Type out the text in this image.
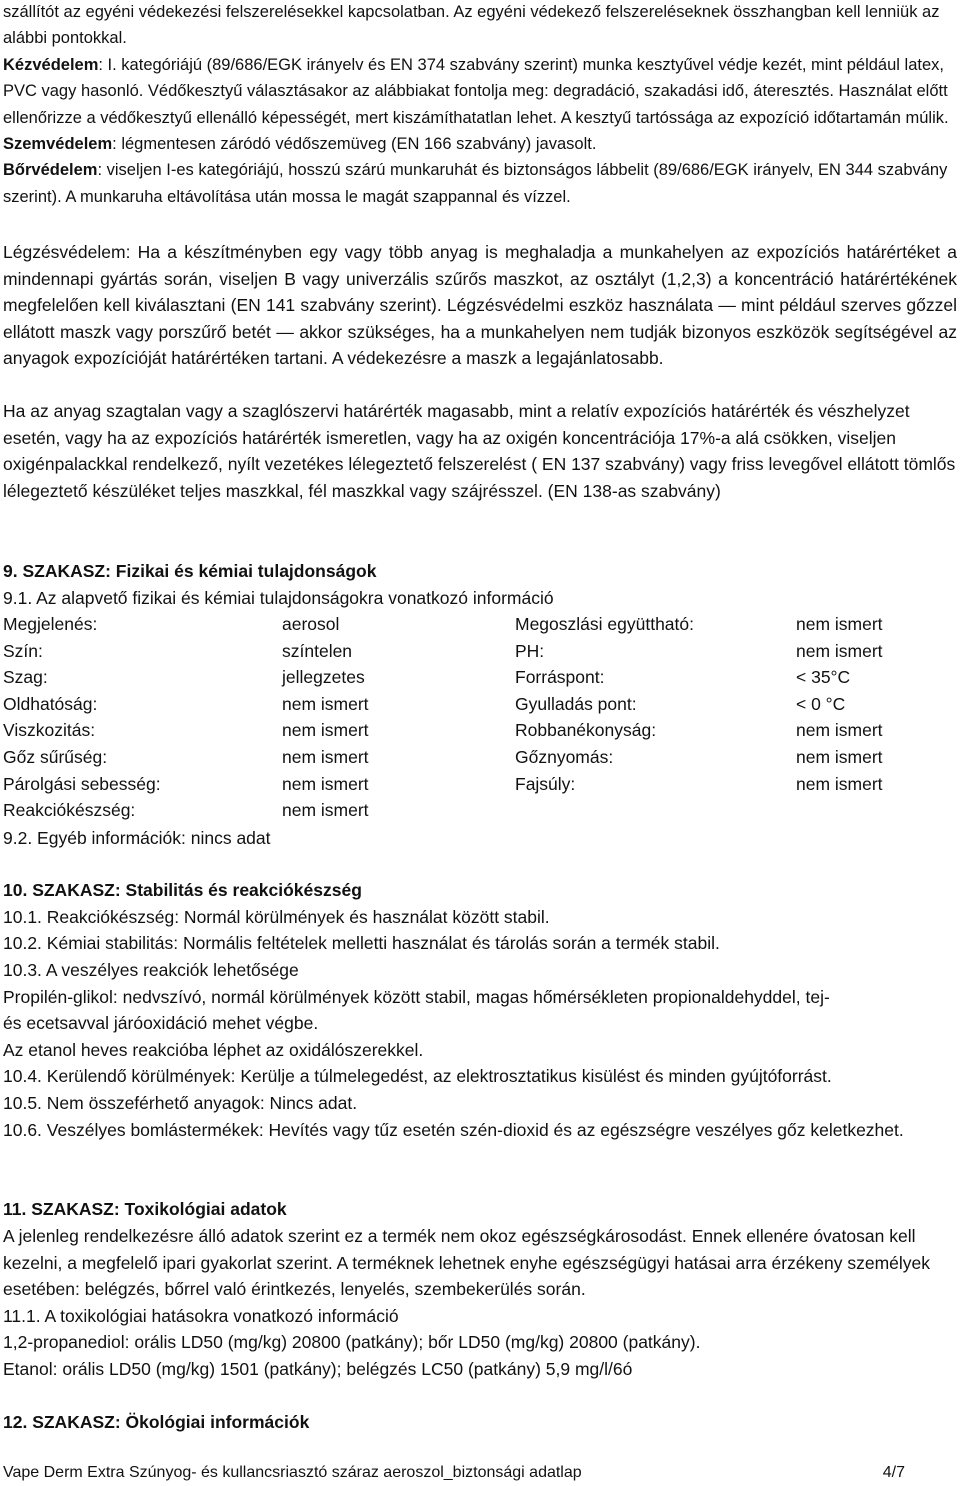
szállítót az egyéni védekezési felszerelésekkel kapcsolatban. Az egyéni védekező felszereléseknek összhangban kell lenniük az alábbi pontokkal.
Kézvédelem: I. kategóriájú (89/686/EGK irányelv és EN 374 szabvány szerint) munka kesztyűvel védje kezét, mint például latex, PVC vagy hasonló. Védőkesztyű választásakor az alábbiakat fontolja meg: degradáció, szakadási idő, áteresztés. Használat előtt ellenőrizze a védőkesztyű ellenálló képességét, mert kiszámíthatatlan lehet. A kesztyű tartóssága az expozíció időtartamán múlik.
Szemvédelem: légmentesen záródó védőszemüveg (EN 166 szabvány) javasolt.
Bőrvédelem: viseljen I-es kategóriájú, hosszú szárú munkaruhát és biztonságos lábbelit (89/686/EGK irányelv, EN 344 szabvány szerint). A munkaruha eltávolítása után mossa le magát szappannal és vízzel.
Légzésvédelem: Ha a készítményben egy vagy több anyag is meghaladja a munkahelyen az expozíciós határértéket a mindennapi gyártás során, viseljen B vagy univerzális szűrős maszkot, az osztályt (1,2,3) a koncentráció határértékének megfelelően kell kiválasztani (EN 141 szabvány szerint). Légzésvédelmi eszköz használata — mint például szerves gőzzel ellátott maszk vagy porszűrő betét — akkor szükséges, ha a munkahelyen nem tudják bizonyos eszközök segítségével az anyagok expozícióját határértéken tartani. A védekezésre a maszk a legajánlatosabb.
Ha az anyag szagtalan vagy a szaglószervi határérték magasabb, mint a relatív expozíciós határérték és vészhelyzet esetén, vagy ha az expozíciós határérték ismeretlen, vagy ha az oxigén koncentrációja 17%-a alá csökken, viseljen oxigénpalackkal rendelkező, nyílt vezetékes lélegeztető felszerelést ( EN 137 szabvány) vagy friss levegővel ellátott tömlős lélegeztető készüléket teljes maszkkal, fél maszkkal vagy szájrésszel. (EN 138-as szabvány)
9. SZAKASZ: Fizikai és kémiai tulajdonságok
9.1. Az alapvető fizikai és kémiai tulajdonságokra vonatkozó információ
Megjelenés:	aerosol	Megoszlási együttható:	nem ismert
Szín:	színtelen	PH:	nem ismert
Szag:	jellegzetes	Forráspont:	< 35°C
Oldhatóság:	nem ismert	Gyulladás pont:	< 0 °C
Viszkozitás:	nem ismert	Robbanékonyság:	nem ismert
Gőz sűrűség:	nem ismert	Gőznyomás:	nem ismert
Párolgási sebesség:	nem ismert	Fajsúly:	nem ismert
Reakciókészség:	nem ismert		
9.2. Egyéb információk: nincs adat
10. SZAKASZ: Stabilitás és reakciókészség
10.1. Reakciókészség: Normál körülmények és használat között stabil.
10.2. Kémiai stabilitás: Normális feltételek melletti használat és tárolás során a termék stabil.
10.3. A veszélyes reakciók lehetősége
Propilén-glikol: nedvszívó, normál körülmények között stabil, magas hőmérsékleten propionaldehyddel, tej-
és ecetsavval járóoxidáció mehet végbe.
Az etanol heves reakcióba léphet az oxidálószerekkel.
10.4. Kerülendő körülmények: Kerülje a túlmelegedést, az elektrosztatikus kisülést és minden gyújtóforrást.
10.5. Nem összeférhető anyagok: Nincs adat.
10.6. Veszélyes bomlástermékek: Hevítés vagy tűz esetén szén-dioxid és az egészségre veszélyes gőz keletkezhet.
11. SZAKASZ: Toxikológiai adatok
A jelenleg rendelkezésre álló adatok szerint ez a termék nem okoz egészségkárosodást. Ennek ellenére óvatosan kell kezelni, a megfelelő ipari gyakorlat szerint. A terméknek lehetnek enyhe egészségügyi hatásai arra érzékeny személyek esetében: belégzés, bőrrel való érintkezés, lenyelés, szembekerülés során.
11.1. A toxikológiai hatásokra vonatkozó információ
1,2-propanediol: orális LD50 (mg/kg) 20800 (patkány); bőr LD50 (mg/kg) 20800 (patkány).
Etanol: orális LD50 (mg/kg) 1501 (patkány); belégzés LC50 (patkány) 5,9 mg/l/6ó
12. SZAKASZ: Ökológiai információk
Vape Derm Extra Szúnyog- és kullancsriasztó száraz aeroszol_biztonsági adatlap	4/7
